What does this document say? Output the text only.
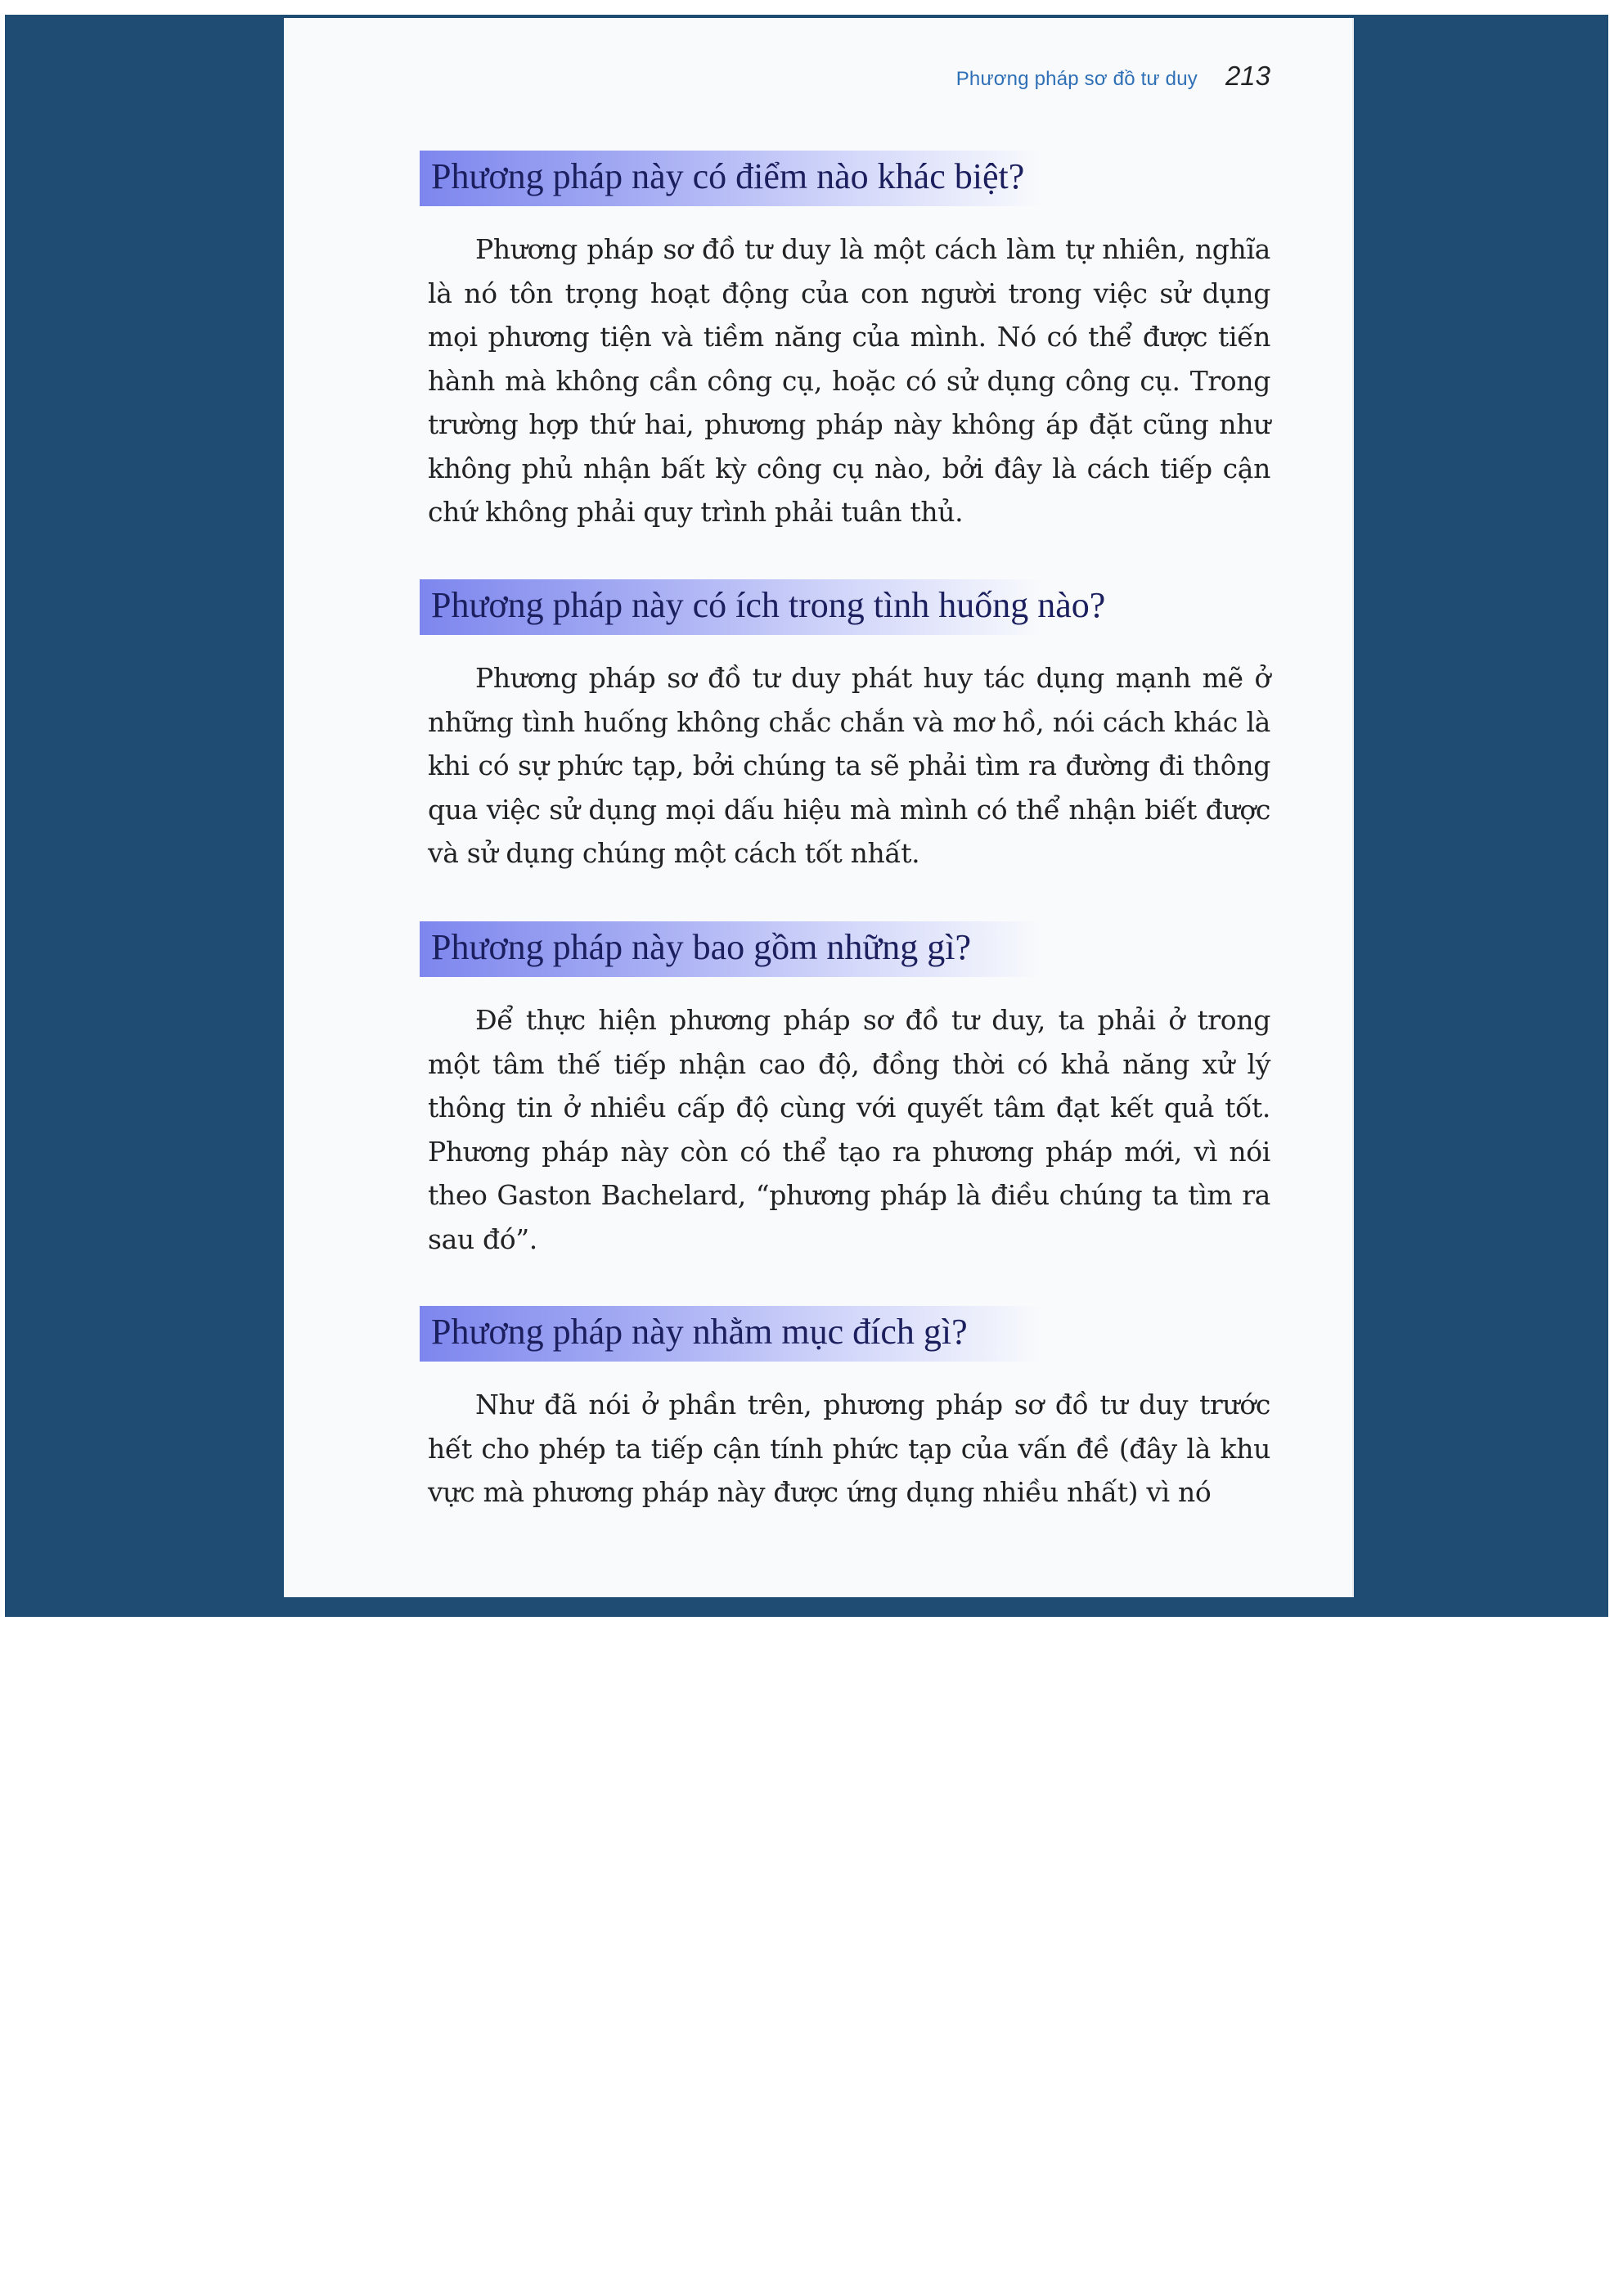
Phương pháp sơ đồ tư duy 213
Phương pháp này có điểm nào khác biệt?

Phương pháp sơ đồ tư duy là một cách làm tự nhiên, nghĩa là nó tôn trọng hoạt động của con người trong việc sử dụng mọi phương tiện và tiềm năng của mình. Nó có thể được tiến hành mà không cần công cụ, hoặc có sử dụng công cụ. Trong trường hợp thứ hai, phương pháp này không áp đặt cũng như không phủ nhận bất kỳ công cụ nào, bởi đây là cách tiếp cận chứ không phải quy trình phải tuân thủ.

Phương pháp này có ích trong tình huống nào?

Phương pháp sơ đồ tư duy phát huy tác dụng mạnh mẽ ở những tình huống không chắc chắn và mơ hồ, nói cách khác là khi có sự phức tạp, bởi chúng ta sẽ phải tìm ra đường đi thông qua việc sử dụng mọi dấu hiệu mà mình có thể nhận biết được và sử dụng chúng một cách tốt nhất.

Phương pháp này bao gồm những gì?

Để thực hiện phương pháp sơ đồ tư duy, ta phải ở trong một tâm thế tiếp nhận cao độ, đồng thời có khả năng xử lý thông tin ở nhiều cấp độ cùng với quyết tâm đạt kết quả tốt. Phương pháp này còn có thể tạo ra phương pháp mới, vì nói theo Gaston Bachelard, “phương pháp là điều chúng ta tìm ra sau đó”.

Phương pháp này nhằm mục đích gì?

Như đã nói ở phần trên, phương pháp sơ đồ tư duy trước hết cho phép ta tiếp cận tính phức tạp của vấn đề (đây là khu vực mà phương pháp này được ứng dụng nhiều nhất) vì nó
